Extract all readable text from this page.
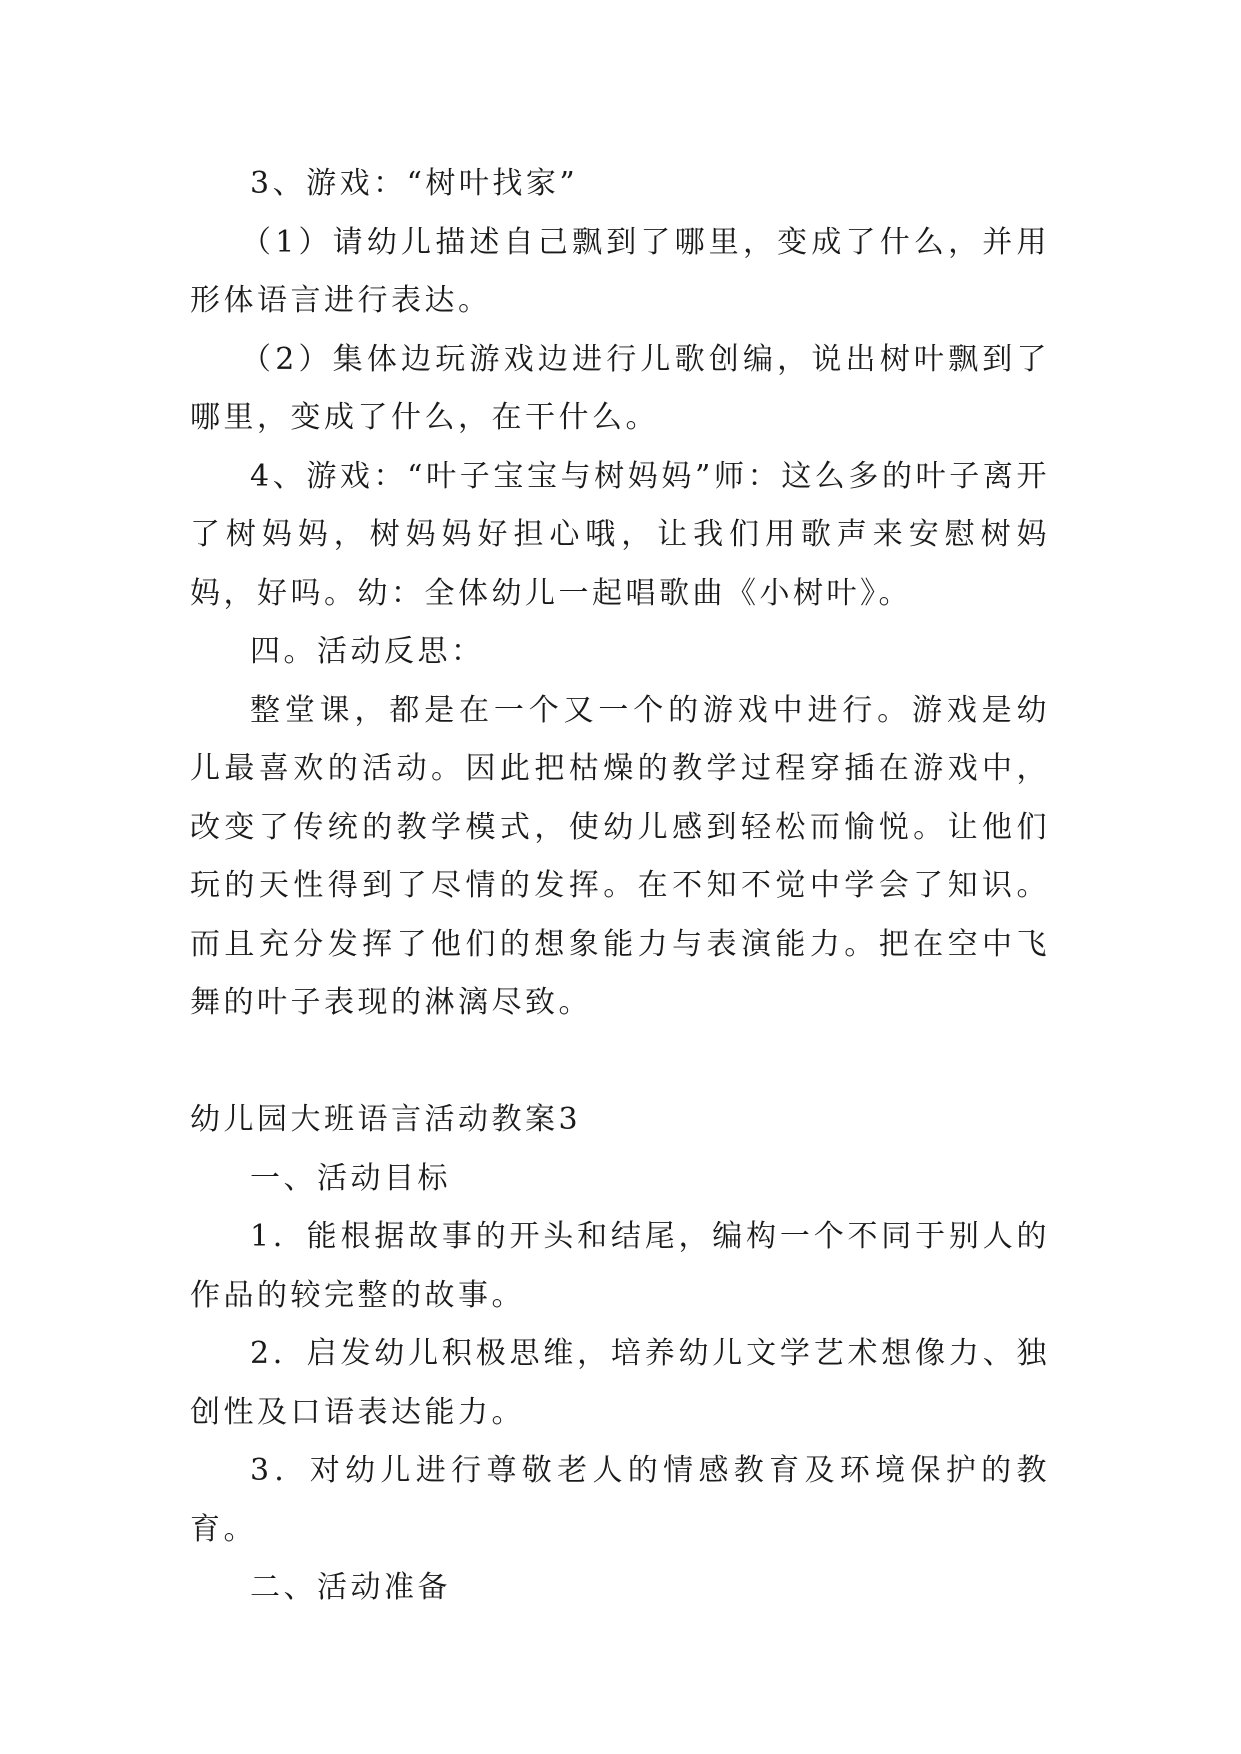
3、游戏：“树叶找家”

（1）请幼儿描述自己飘到了哪里，变成了什么，并用形体语言进行表达。

（2）集体边玩游戏边进行儿歌创编，说出树叶飘到了哪里，变成了什么，在干什么。

4、游戏：“叶子宝宝与树妈妈”师：这么多的叶子离开了树妈妈，树妈妈好担心哦，让我们用歌声来安慰树妈妈，好吗。幼：全体幼儿一起唱歌曲《小树叶》。

四。活动反思：

整堂课，都是在一个又一个的游戏中进行。游戏是幼儿最喜欢的活动。因此把枯燥的教学过程穿插在游戏中，改变了传统的教学模式，使幼儿感到轻松而愉悦。让他们玩的天性得到了尽情的发挥。在不知不觉中学会了知识。而且充分发挥了他们的想象能力与表演能力。把在空中飞舞的叶子表现的淋漓尽致。

幼儿园大班语言活动教案3

一、活动目标

1．能根据故事的开头和结尾，编构一个不同于别人的作品的较完整的故事。

2．启发幼儿积极思维，培养幼儿文学艺术想像力、独创性及口语表达能力。

3．对幼儿进行尊敬老人的情感教育及环境保护的教育。

二、活动准备
